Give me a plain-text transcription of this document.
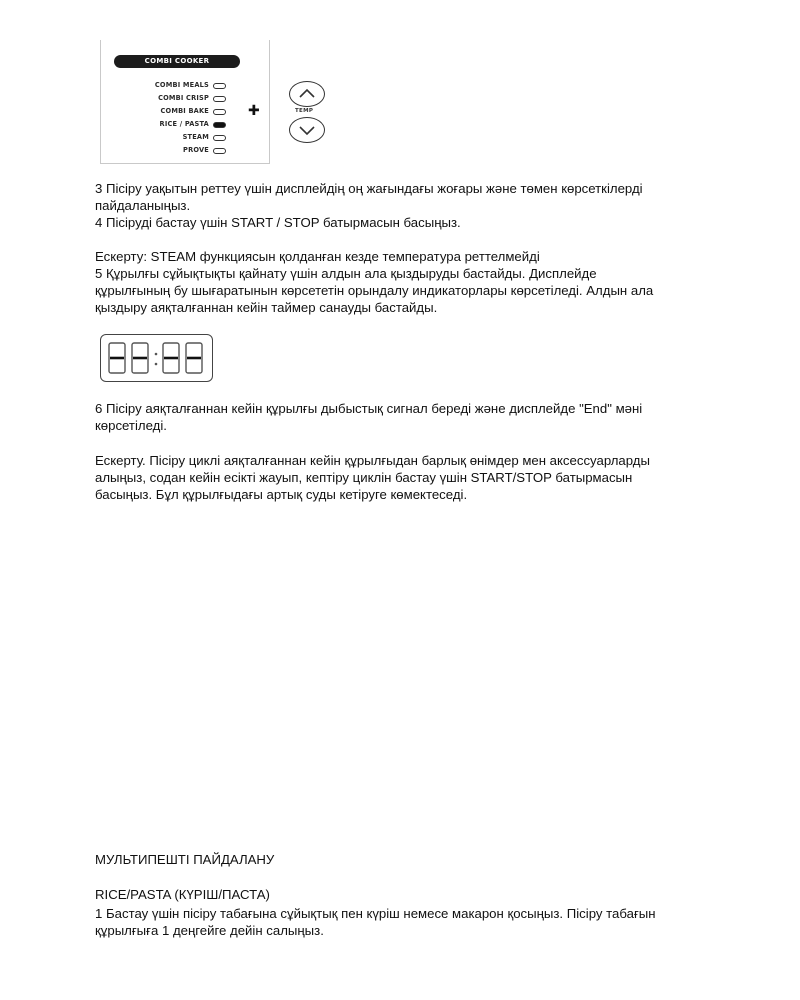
COMBI COOKER
COMBI MEALS
COMBI CRISP
COMBI BAKE
RICE / PASTA
STEAM
PROVE
✚	TEMP

3 Пісіру уақытын реттеу үшін дисплейдің оң жағындағы жоғары және төмен көрсеткілерді
пайдаланыңыз.

4 Пісіруді бастау үшін START / STOP батырмасын басыңыз.

Ескерту: STEAM функциясын қолданған кезде температура реттелмейді

5 Құрылғы сұйықтықты қайнату үшін алдын ала қыздыруды бастайды. Дисплейде
құрылғының бу шығаратынын көрсететін орындалу индикаторлары көрсетіледі. Алдын ала
қыздыру аяқталғаннан кейін таймер санауды бастайды.

6 Пісіру аяқталғаннан кейін құрылғы дыбыстық сигнал береді және дисплейде "End" мәні
көрсетіледі.

Ескерту. Пісіру циклі аяқталғаннан кейін құрылғыдан барлық өнімдер мен аксессуарларды
алыңыз, содан кейін есікті жауып, кептіру циклін бастау үшін START/STOP батырмасын
басыңыз. Бұл құрылғыдағы артық суды кетіруге көмектеседі.

МУЛЬТИПЕШТІ ПАЙДАЛАНУ

RICE/PASTA (КҮРІШ/ПАСТА)

1 Бастау үшін пісіру табағына сұйықтық пен күріш немесе макарон қосыңыз. Пісіру табағын
құрылғыға 1 деңгейге дейін салыңыз.
